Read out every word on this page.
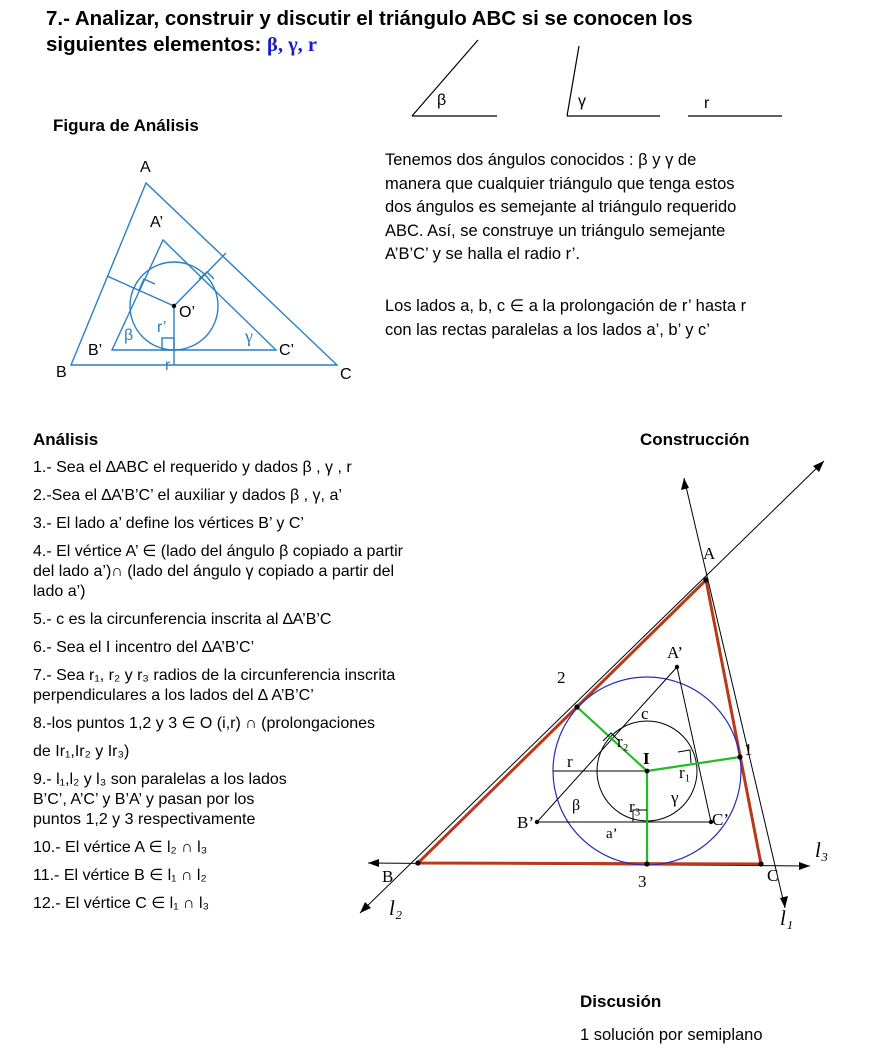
7.- Analizar, construir y discutir el triángulo ABC si se conocen los
siguientes elementos: β, γ, r
β	γ	r
Figura de Análisis
A
B	C
A’
B’	C’
O’
r’
r
β	γ
Tenemos dos ángulos conocidos : β y γ de
manera que cualquier triángulo que tenga estos
dos ángulos es semejante al triángulo requerido
ABC. Así, se construye un triángulo semejante
A’B’C’ y se halla el radio r’.
Los lados a, b, c ∈ a la prolongación de r’ hasta r
con las rectas paralelas a los lados a’, b’ y c’
Análisis
1.- Sea el ∆ABC el requerido y dados β , γ , r
2.-Sea el ∆A’B’C’ el auxiliar y dados β , γ, a’
3.- El lado a’ define los vértices B’ y C’
4.- El vértice A’ ∈ (lado del ángulo β copiado a partir
del lado a’)∩ (lado del ángulo γ copiado a partir del
lado a’)
5.- c es la circunferencia inscrita al ∆A’B’C
6.- Sea el I incentro del ∆A’B’C’
7.- Sea r₁, r₂ y r₃ radios de la circunferencia inscrita
perpendiculares a los lados del ∆ A’B’C’
8.-los puntos 1,2 y 3 ∈ O (i,r) ∩ (prolongaciones
de Ir₁,Ir₂ y Ir₃)
9.- l₁,l₂ y l₃ son paralelas a los lados
B’C’, A’C’ y B’A’ y pasan por los
puntos 1,2 y 3 respectivamente
10.- El vértice A ∈ l₂ ∩ l₃
11.- El vértice B ∈ l₁ ∩ l₂
12.- El vértice C ∈ l₁ ∩ l₃
Construcción
A
B	C
A’
B’	C’
I
c
r
r₂
r₁
r₃
a’
β	γ
1
2
3
l₁
l₂
l₃
Discusión
1 solución por semiplano
